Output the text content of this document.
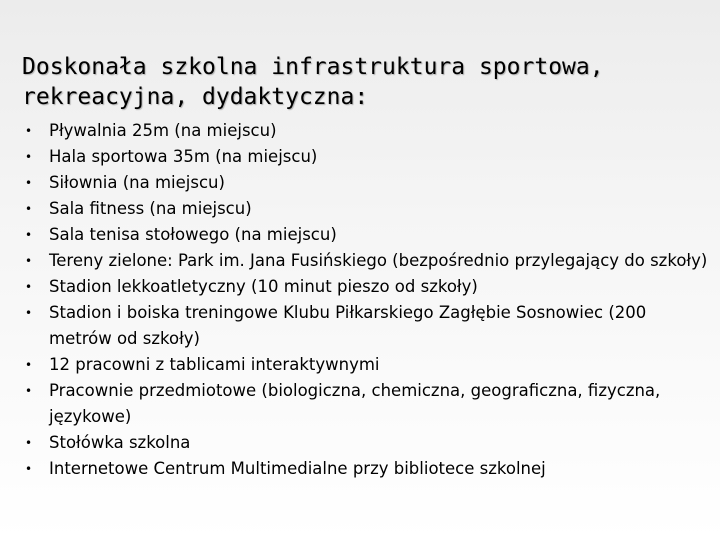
Doskonała szkolna infrastruktura sportowa,
rekreacyjna, dydaktyczna:
• Pływalnia 25m (na miejscu)
• Hala sportowa 35m (na miejscu)
• Siłownia (na miejscu)
• Sala fitness (na miejscu)
• Sala tenisa stołowego (na miejscu)
• Tereny zielone: Park im. Jana Fusińskiego (bezpośrednio przylegający do szkoły)
• Stadion lekkoatletyczny (10 minut pieszo od szkoły)
• Stadion i boiska treningowe Klubu Piłkarskiego Zagłębie Sosnowiec (200 metrów od szkoły)
• 12 pracowni z tablicami interaktywnymi
• Pracownie przedmiotowe (biologiczna, chemiczna, geograficzna, fizyczna, językowe)
• Stołówka szkolna
• Internetowe Centrum Multimedialne przy bibliotece szkolnej
